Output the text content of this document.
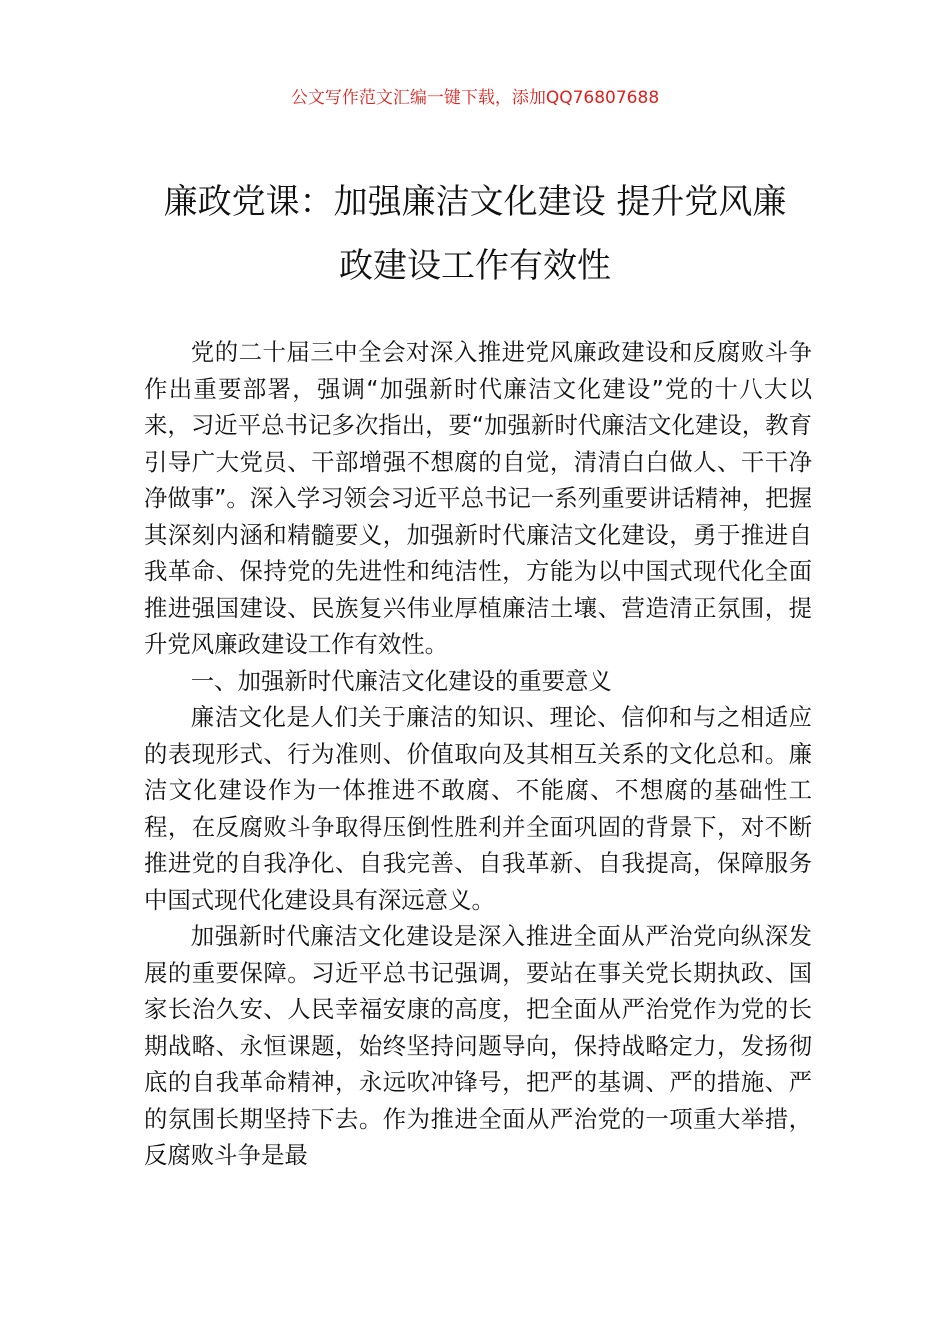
公文写作范文汇编一键下载，添加QQ76807688
廉政党课：加强廉洁文化建设 提升党风廉
政建设工作有效性

党的二十届三中全会对深入推进党风廉政建设和反腐败斗争作出重要部署，强调“加强新时代廉洁文化建设”党的十八大以来，习近平总书记多次指出，要“加强新时代廉洁文化建设，教育引导广大党员、干部增强不想腐的自觉，清清白白做人、干干净净做事”。深入学习领会习近平总书记一系列重要讲话精神，把握其深刻内涵和精髓要义，加强新时代廉洁文化建设，勇于推进自我革命、保持党的先进性和纯洁性，方能为以中国式现代化全面推进强国建设、民族复兴伟业厚植廉洁土壤、营造清正氛围，提升党风廉政建设工作有效性。

一、加强新时代廉洁文化建设的重要意义

廉洁文化是人们关于廉洁的知识、理论、信仰和与之相适应的表现形式、行为准则、价值取向及其相互关系的文化总和。廉洁文化建设作为一体推进不敢腐、不能腐、不想腐的基础性工程，在反腐败斗争取得压倒性胜利并全面巩固的背景下，对不断推进党的自我净化、自我完善、自我革新、自我提高，保障服务中国式现代化建设具有深远意义。

加强新时代廉洁文化建设是深入推进全面从严治党向纵深发展的重要保障。习近平总书记强调，要站在事关党长期执政、国家长治久安、人民幸福安康的高度，把全面从严治党作为党的长期战略、永恒课题，始终坚持问题导向，保持战略定力，发扬彻底的自我革命精神，永远吹冲锋号，把严的基调、严的措施、严的氛围长期坚持下去。作为推进全面从严治党的一项重大举措，反腐败斗争是最
